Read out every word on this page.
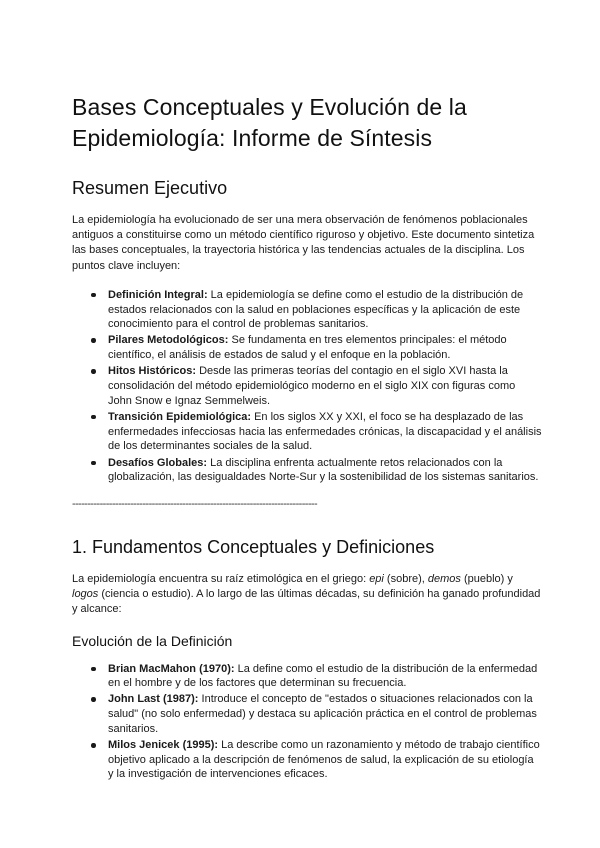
Bases Conceptuales y Evolución de la Epidemiología: Informe de Síntesis
Resumen Ejecutivo

La epidemiología ha evolucionado de ser una mera observación de fenómenos poblacionales antiguos a constituirse como un método científico riguroso y objetivo. Este documento sintetiza las bases conceptuales, la trayectoria histórica y las tendencias actuales de la disciplina. Los puntos clave incluyen:

Definición Integral: La epidemiología se define como el estudio de la distribución de estados relacionados con la salud en poblaciones específicas y la aplicación de este conocimiento para el control de problemas sanitarios.
Pilares Metodológicos: Se fundamenta en tres elementos principales: el método científico, el análisis de estados de salud y el enfoque en la población.
Hitos Históricos: Desde las primeras teorías del contagio en el siglo XVI hasta la consolidación del método epidemiológico moderno en el siglo XIX con figuras como John Snow e Ignaz Semmelweis.
Transición Epidemiológica: En los siglos XX y XXI, el foco se ha desplazado de las enfermedades infecciosas hacia las enfermedades crónicas, la discapacidad y el análisis de los determinantes sociales de la salud.
Desafíos Globales: La disciplina enfrenta actualmente retos relacionados con la globalización, las desigualdades Norte-Sur y la sostenibilidad de los sistemas sanitarios.
--------------------------------------------------------------------------------
1. Fundamentos Conceptuales y Definiciones

La epidemiología encuentra su raíz etimológica en el griego: epi (sobre), demos (pueblo) y logos (ciencia o estudio). A lo largo de las últimas décadas, su definición ha ganado profundidad y alcance:

Evolución de la Definición
Brian MacMahon (1970): La define como el estudio de la distribución de la enfermedad en el hombre y de los factores que determinan su frecuencia.
John Last (1987): Introduce el concepto de "estados o situaciones relacionados con la salud" (no solo enfermedad) y destaca su aplicación práctica en el control de problemas sanitarios.
Milos Jenicek (1995): La describe como un razonamiento y método de trabajo científico objetivo aplicado a la descripción de fenómenos de salud, la explicación de su etiología y la investigación de intervenciones eficaces.
